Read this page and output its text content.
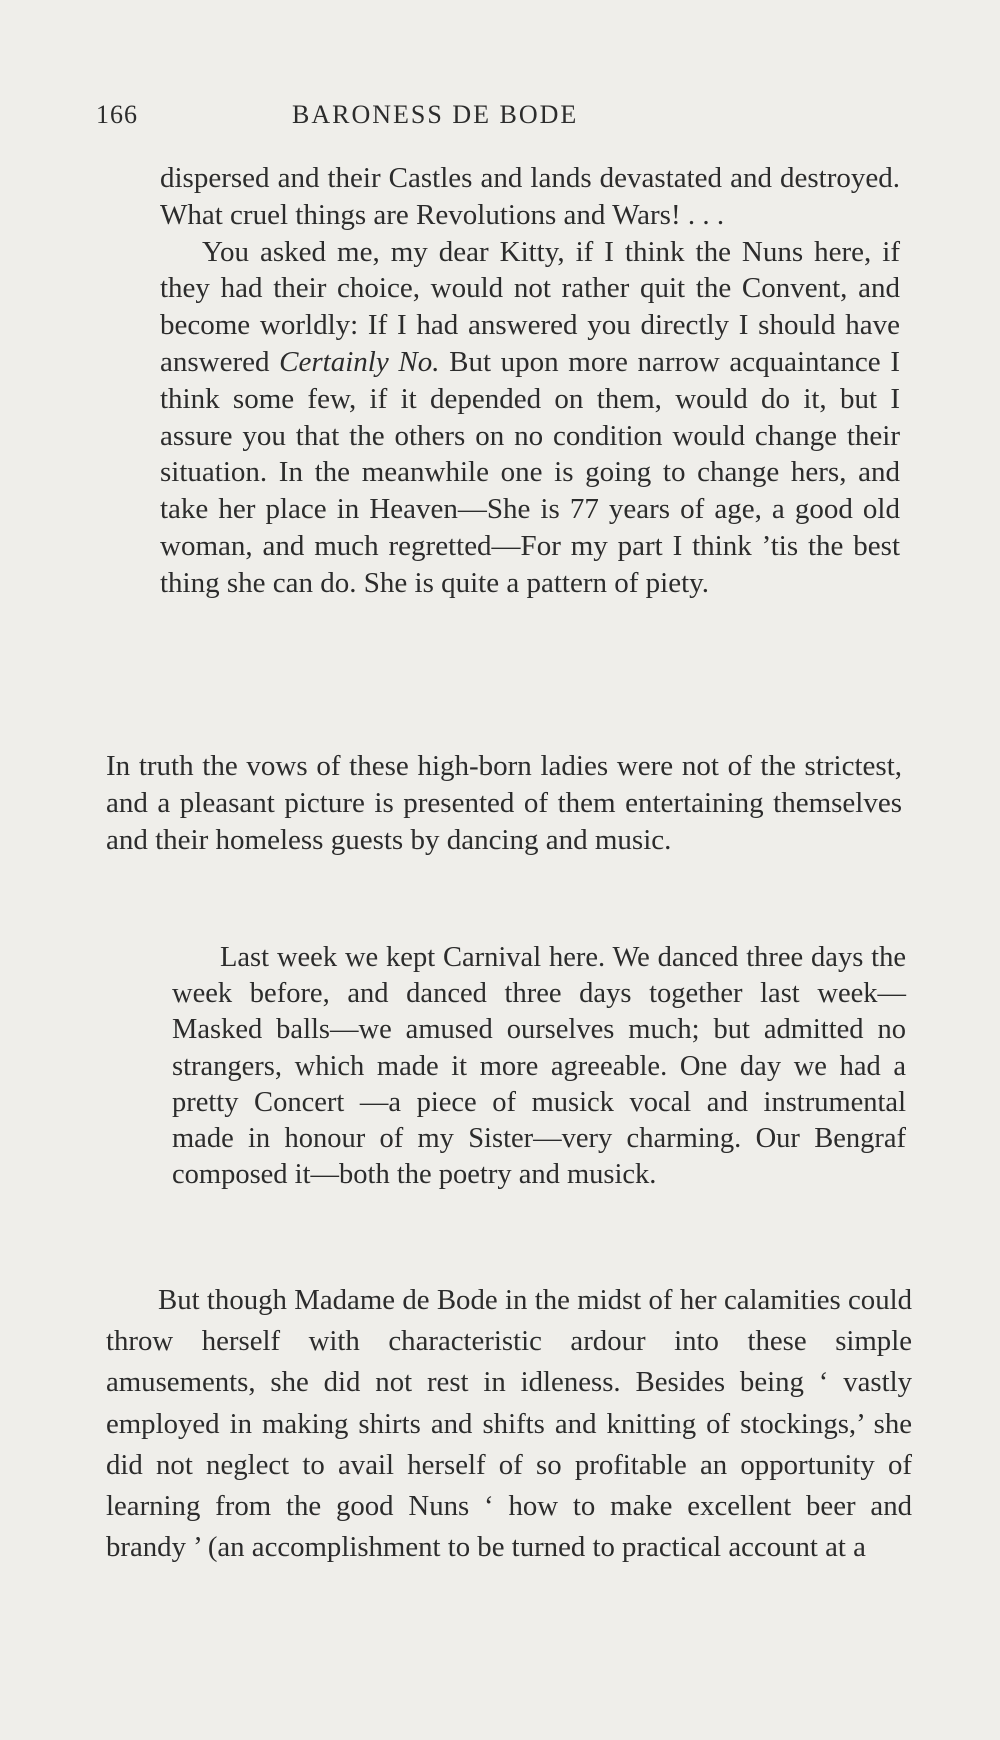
166	BARONESS DE BODE

dispersed and their Castles and lands devastated and destroyed. What cruel things are Revolutions and Wars! . . .

You asked me, my dear Kitty, if I think the Nuns here, if they had their choice, would not rather quit the Convent, and become worldly: If I had answered you directly I should have answered Certainly No. But upon more narrow acquaintance I think some few, if it depended on them, would do it, but I assure you that the others on no condition would change their situation. In the meanwhile one is going to change hers, and take her place in Heaven—She is 77 years of age, a good old woman, and much regretted—For my part I think ’tis the best thing she can do. She is quite a pattern of piety.

In truth the vows of these high-born ladies were not of the strictest, and a pleasant picture is presented of them entertaining themselves and their homeless guests by dancing and music.

Last week we kept Carnival here. We danced three days the week before, and danced three days together last week—Masked balls—we amused ourselves much; but admitted no strangers, which made it more agreeable. One day we had a pretty Concert —a piece of musick vocal and instrumental made in honour of my Sister—very charming. Our Bengraf composed it—both the poetry and musick.

But though Madame de Bode in the midst of her calamities could throw herself with characteristic ardour into these simple amusements, she did not rest in idleness. Besides being ‘ vastly employed in making shirts and shifts and knitting of stockings,’ she did not neglect to avail herself of so profitable an opportunity of learning from the good Nuns ‘ how to make excellent beer and brandy ’ (an accomplishment to be turned to practical account at a
